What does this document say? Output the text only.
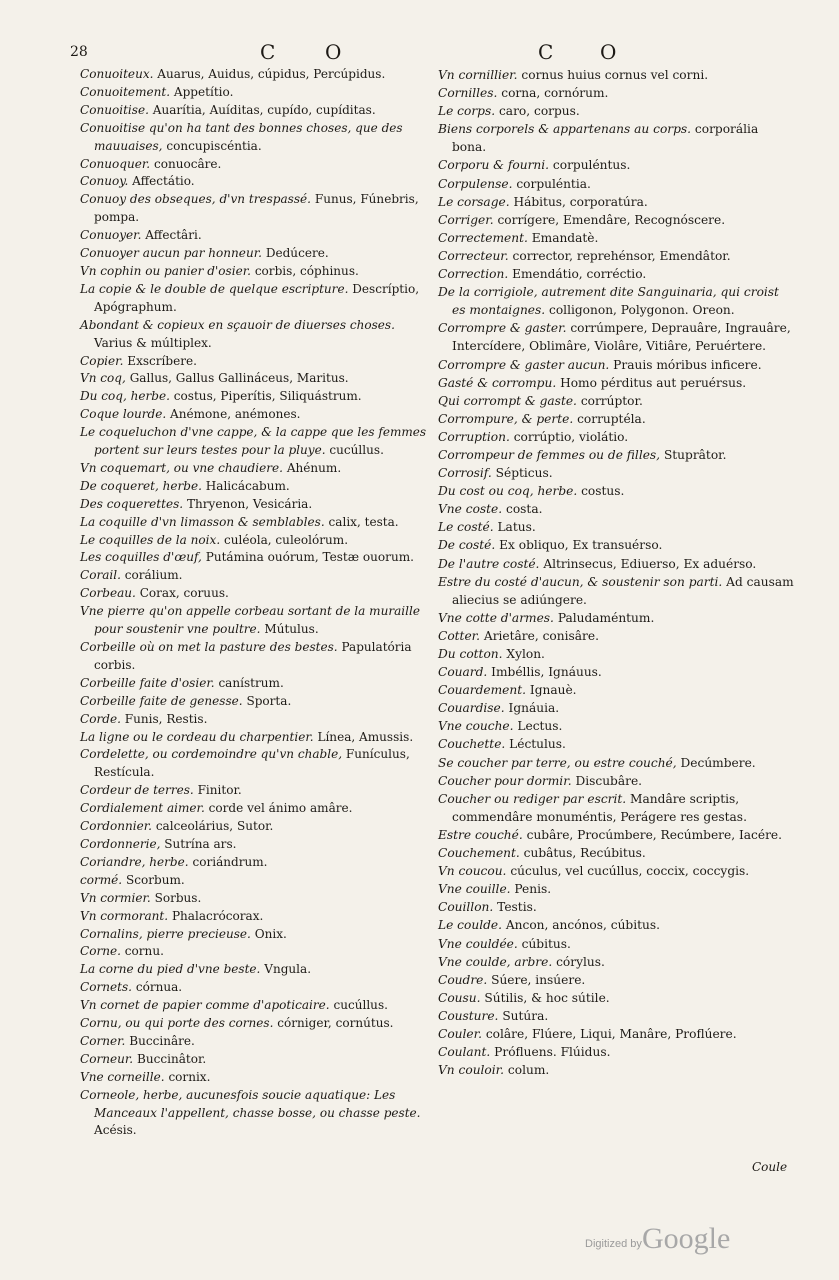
28	C O	C O
Conuoiteux. Auarus, Auidus, cúpidus, Percúpidus.
Conuoitement. Appetítio.
Conuoitise. Auarítia, Auíditas, cupído, cupíditas.
Conuoitise qu'on ha tant des bonnes choses, que des mauuaises, concupiscéntia.
Conuoquer. conuocâre.
Conuoy. Affectátio.
Conuoy des obseques, d'vn trespassé. Funus, Fúnebris, pompa.
Conuoyer. Affectâri.
Conuoyer aucun par honneur. Dedúcere.
Vn cophin ou panier d'osier. corbis, cóphinus.
La copie & le double de quelque escripture. Descríptio, Apógraphum.
Abondant & copieux en sçauoir de diuerses choses. Varius & múltiplex.
Copier. Exscríbere.
Vn coq, Gallus, Gallus Gallináceus, Maritus.
Du coq, herbe. costus, Piperítis, Siliquástrum.
Coque lourde. Anémone, anémones.
Le coqueluchon d'vne cappe, & la cappe que les femmes portent sur leurs testes pour la pluye. cucúllus.
Vn coquemart, ou vne chaudiere. Ahénum.
De coqueret, herbe. Halicácabum.
Des coquerettes. Thryenon, Vesicária.
La coquille d'vn limasson & semblables. calix, testa.
Le coquilles de la noix. culéola, culeolórum.
Les coquilles d'œuf, Putámina ouórum, Testæ ouorum.
Corail. corálium.
Corbeau. Corax, coruus.
Vne pierre qu'on appelle corbeau sortant de la muraille pour soustenir vne poultre. Mútulus.
Corbeille où on met la pasture des bestes. Papulatória corbis.
Corbeille faite d'osier. canístrum.
Corbeille faite de genesse. Sporta.
Corde. Funis, Restis.
La ligne ou le cordeau du charpentier. Línea, Amussis.
Cordelette, ou cordemoindre qu'vn chable, Funículus, Restícula.
Cordeur de terres. Finitor.
Cordialement aimer. corde vel ánimo amâre.
Cordonnier. calceolárius, Sutor.
Cordonnerie, Sutrína ars.
Coriandre, herbe. coriándrum.
cormé. Scorbum.
Vn cormier. Sorbus.
Vn cormorant. Phalacrócorax.
Cornalins, pierre precieuse. Onix.
Corne. cornu.
La corne du pied d'vne beste. Vngula.
Cornets. córnua.
Vn cornet de papier comme d'apoticaire. cucúllus.
Cornu, ou qui porte des cornes. córniger, cornútus.
Corner. Buccinâre.
Corneur. Buccinâtor.
Vne corneille. cornix.
Corneole, herbe, aucunesfois soucie aquatique: Les Manceaux l'appellent, chasse bosse, ou chasse peste. Acésis.
Vn cornillier. cornus huius cornus vel corni.
Cornilles. corna, cornórum.
Le corps. caro, corpus.
Biens corporels & appartenans au corps. corporália bona.
Corporu & fourni. corpuléntus.
Corpulense. corpuléntia.
Le corsage. Hábitus, corporatúra.
Corriger. corrígere, Emendâre, Recognóscere.
Correctement. Emandatè.
Correcteur. corrector, reprehénsor, Emendâtor.
Correction. Emendátio, corréctio.
De la corrigiole, autrement dite Sanguinaria, qui croist es montaignes. colligonon, Polygonon. Oreon.
Corrompre & gaster. corrúmpere, Deprauâre, Ingrauâre, Intercídere, Oblimâre, Violâre, Vitiâre, Peruértere.
Corrompre & gaster aucun. Prauis móribus inficere.
Gasté & corrompu. Homo pérditus aut peruérsus.
Qui corrompt & gaste. corrúptor.
Corrompure, & perte. corruptéla.
Corruption. corrúptio, violátio.
Corrompeur de femmes ou de filles, Stuprâtor.
Corrosif. Sépticus.
Du cost ou coq, herbe. costus.
Vne coste. costa.
Le costé. Latus.
De costé. Ex obliquo, Ex transuérso.
De l'autre costé. Altrinsecus, Ediuerso, Ex aduérso.
Estre du costé d'aucun, & soustenir son parti. Ad causam aliecius se adiúngere.
Vne cotte d'armes. Paludaméntum.
Cotter. Arietâre, conisâre.
Du cotton. Xylon.
Couard. Imbéllis, Ignáuus.
Couardement. Ignauè.
Couardise. Ignáuia.
Vne couche. Lectus.
Couchette. Léctulus.
Se coucher par terre, ou estre couché, Decúmbere.
Coucher pour dormir. Discubâre.
Coucher ou rediger par escrit. Mandâre scriptis, commendâre monuméntis, Perágere res gestas.
Estre couché. cubâre, Procúmbere, Recúmbere, Iacére.
Couchement. cubâtus, Recúbitus.
Vn coucou. cúculus, vel cucúllus, coccix, coccygis.
Vne couille. Penis.
Couillon. Testis.
Le coulde. Ancon, ancónos, cúbitus.
Vne couldée. cúbitus.
Vne coulde, arbre. córylus.
Coudre. Súere, insúere.
Cousu. Sútilis, & hoc sútile.
Cousture. Sutúra.
Couler. colâre, Flúere, Liqui, Manâre, Proflúere.
Coulant. Prófluens. Flúidus.
Vn couloir. colum.
Coule
Digitized by Google
